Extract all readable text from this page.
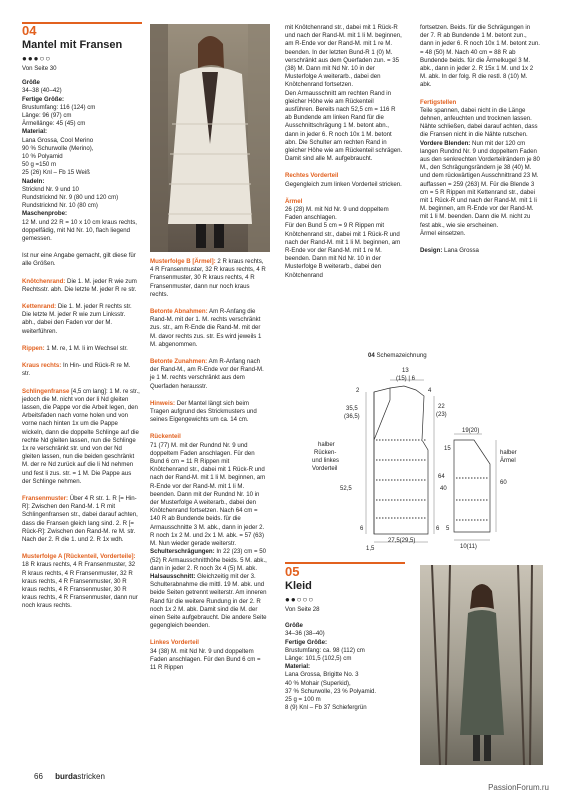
04
Mantel mit Fransen
●●●○○

Von Seite 30

Größe
34–38 (40–42)
Fertige Größe:
Brustumfang: 116 (124) cm
Länge: 96 (97) cm
Ärmellänge: 45 (45) cm
Material:
Lana Grossa, Cool Merino
90 % Schurwolle (Merino),
10 % Polyamid
50 g =150 m
25 (26) Knl – Fb 15 Weiß
Nadeln:
Stricknd Nr. 9 und 10
Rundstricknd Nr. 9 (80 und 120 cm)
Rundstricknd Nr. 10 (80 cm)
Maschenprobe:

12 M. und 22 R = 10 x 10 cm kraus rechts, doppelfädig, mit Nd Nr. 10, flach liegend gemessen.

Ist nur eine Angabe gemacht, gilt diese für alle Größen.

Knötchenrand: Die 1. M. jeder R wie zum Rechtsstr. abh. Die letzte M. jeder R re str.

Kettenrand: Die 1. M. jeder R rechts str. Die letzte M. jeder R wie zum Linksstr. abh., dabei den Faden vor der M. weiterführen.

Rippen: 1 M. re, 1 M. li im Wechsel str.

Kraus rechts: In Hin- und Rück-R re M. str.

Schlingenfranse [4,5 cm lang]: 1 M. re str., jedoch die M. nicht von der li Nd gleiten lassen, die Pappe vor die Arbeit legen, den Arbeitsfaden nach vorne holen und von vorne nach hinten 1x um die Pappe wickeln, dann die doppelte Schlinge auf die rechte Nd gleiten lassen, nun die Schlinge 1x re verschränkt str. und von der Nd gleiten lassen, nun die beiden geschränkt M. der re Nd zurück auf die li Nd nehmen und fest li zus. str. = 1 M. Die Pappe aus der Schlinge nehmen.

Fransenmuster: Über 4 R str. 1. R [= Hin-R]: Zwischen den Rand-M. 1 R mit Schlingenfransen str., dabei darauf achten, dass die Fransen gleich lang sind. 2. R [= Rück-R]: Zwischen den Rand-M. re M. str. Nach der 2. R die 1. und 2. R 1x wdh.

Musterfolge A [Rückenteil, Vorderteile]: 18 R kraus rechts, 4 R Fransenmuster, 32 R kraus rechts, 4 R Fransenmuster, 32 R kraus rechts, 4 R Fransenmuster, 30 R kraus rechts, 4 R Fransenmuster, 30 R kraus rechts, 4 R Fransenmuster, dann nur noch kraus rechts.

Musterfolge B [Ärmel]: 2 R kraus rechts, 4 R Fransenmuster, 32 R kraus rechts, 4 R Fransenmuster, 30 R kraus rechts, 4 R Fransenmuster, dann nur noch kraus rechts.

Betonte Abnahmen: Am R-Anfang die Rand-M. mit der 1. M. rechts verschränkt zus. str., am R-Ende die Rand-M. mit der M. davor rechts zus. str. Es wird jeweils 1 M. abgenommen.

Betonte Zunahmen: Am R-Anfang nach der Rand-M., am R-Ende vor der Rand-M. je 1 M. rechts verschränkt aus dem Querfaden herausstr.

Hinweis: Der Mantel längt sich beim Tragen aufgrund des Strickmusters und seines Eigengewichts um ca. 14 cm.

Rückenteil
71 (77) M. mit der Rundnd Nr. 9 und doppeltem Faden anschlagen. Für den Bund 6 cm = 11 R Rippen mit Knötchenrand str., dabei mit 1 Rück-R und nach der Rand-M. mit 1 li M. beginnen, am R-Ende vor der Rand-M. mit 1 li M. beenden. Dann mit der Rundnd Nr. 10 in der Musterfolge A weiterarb., dabei den Knötchenrand fortsetzen. Nach 64 cm = 140 R ab Bundende beids. für die Armausschnitte 3 M. abk., dann in jeder 2. R noch 1x 2 M. und 2x 1 M. abk. = 57 (63) M. Nun wieder gerade weiterstr.
Schulterschrägungen: In 22 (23) cm = 50 (52) R Armausschnitthöhe beids. 5 M. abk., dann in jeder 2. R noch 3x 4 (5) M. abk.
Halsausschnitt: Gleichzeitig mit der 3. Schulterabnahme die mittl. 19 M. abk. und beide Seiten getrennt weiterstr. Am inneren Rand für die weitere Rundung in der 2. R noch 1x 2 M. abk. Damit sind die M. der einen Seite aufgebraucht. Die andere Seite gegengleich beenden.
Linkes Vorderteil
34 (38) M. mit Nd Nr. 9 und doppeltem Faden anschlagen. Für den Bund 6 cm = 11 R Rippen

mit Knötchenrand str., dabei mit 1 Rück-R und nach der Rand-M. mit 1 li M. beginnen, am R-Ende vor der Rand-M. mit 1 re M. beenden. In der letzten Bund-R 1 (0) M. verschränkt aus dem Querfaden zun. = 35 (38) M. Dann mit Nd Nr. 10 in der Musterfolge A weiterarb., dabei den Knötchenrand fortsetzen.
Den Armausschnitt am rechten Rand in gleicher Höhe wie am Rückenteil ausführen. Bereits nach 52,5 cm = 116 R ab Bundende am linken Rand für die Ausschnittschrägung 1 M. betont abn., dann in jeder 6. R noch 10x 1 M. betont abn. Die Schulter am rechten Rand in gleicher Höhe wie am Rückenteil schrägen. Damit sind alle M. aufgebraucht.

Rechtes Vorderteil

Gegengleich zum linken Vorderteil stricken.

Ärmel

26 (28) M. mit Nd Nr. 9 und doppeltem Faden anschlagen.
Für den Bund 5 cm = 9 R Rippen mit Knötchenrand str., dabei mit 1 Rück-R und nach der Rand-M. mit 1 li M. beginnen, am R-Ende vor der Rand-M. mit 1 re M. beenden. Dann mit Nd Nr. 10 in der Musterfolge B weiterarb., dabei den Knötchenrand

fortsetzen. Beids. für die Schrägungen in der 7. R ab Bundende 1 M. betont zun., dann in jeder 6. R noch 10x 1 M. betont zun. = 48 (50) M. Nach 40 cm = 88 R ab Bundende beids. für die Ärmelkugel 3 M. abk., dann in jeder 2. R 15x 1 M. und 1x 2 M. abk. In der folg. R die restl. 8 (10) M. abk.

Fertigstellen
Teile spannen, dabei nicht in die Länge dehnen, anfeuchten und trocknen lassen. Nähte schließen, dabei darauf achten, dass die Fransen nicht in die Nähte rutschen.

Vordere Blenden: Nun mit der 120 cm langen Rundnd Nr. 9 und doppeltem Faden aus den senkrechten Vorderteilrändern je 80 M., den Schrägungsrändern je 38 (40) M. und dem rückwärtigen Ausschnittrand 23 M. auffassen = 259 (263) M. Für die Blende 3 cm = 5 R Rippen mit Kettenrand str., dabei mit 1 Rück-R und nach der Rand-M. mit 1 li M. beginnen, am R-Ende vor der Rand-M. mit 1 li M. beenden. Dann die M. nicht zu fest abk., wie sie erscheinen.
Ärmel einsetzen.

Design: Lana Grossa

04 Schemazeichnung
13
(15) | 6
2	4
35,5
(36,5)
22
(23)
halber
Rücken-
und linkes
Vorderteil
64
52,5
6	6
1,5
27,5(29,5)
19(20)
15
40
60
5
10(11)
halber
Ärmel
05
Kleid
●●○○○

Von Seite 28

Größe
34–36 (38–40)
Fertige Größe:
Brustumfang: ca. 98 (112) cm
Länge: 101,5 (102,5) cm
Material:
Lana Grossa, Brigitte No. 3
40 % Mohair (Superkid),
37 % Schurwolle, 23 % Polyamid.
25 g = 100 m
8 (9) Knl – Fb 37 Schiefergrün
66 burdastricken
PassionForum.ru
